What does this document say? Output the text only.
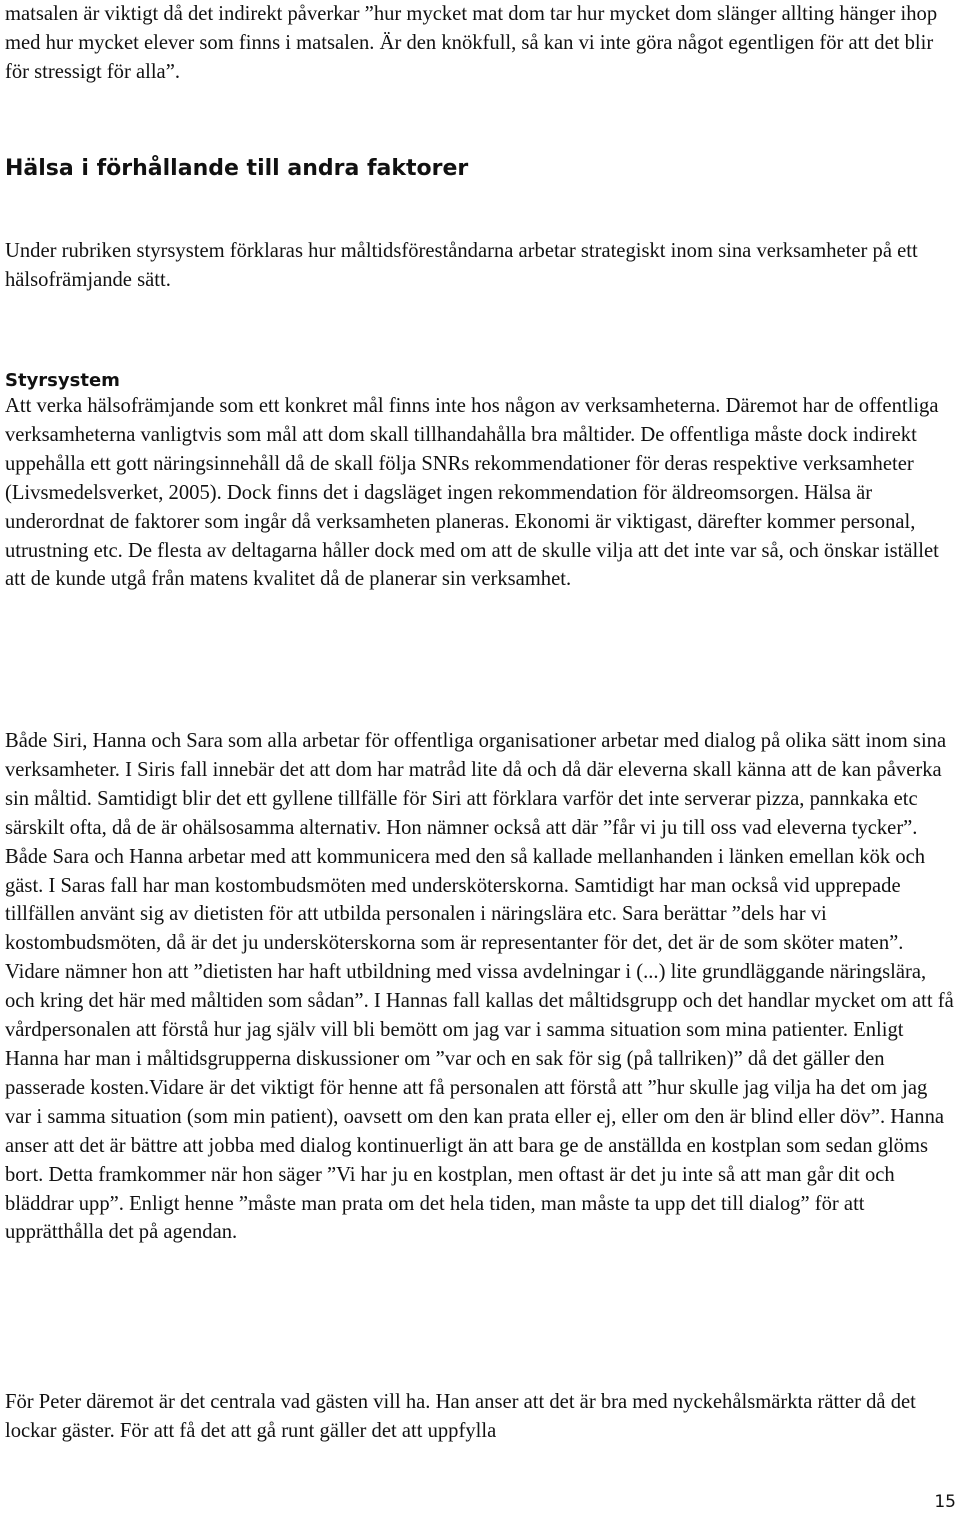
matsalen är viktigt då det indirekt påverkar ”hur mycket mat dom tar hur mycket dom slänger allting hänger ihop med hur mycket elever som finns i matsalen. Är den knökfull, så kan vi inte göra något egentligen för att det blir för stressigt för alla”.

Hälsa i förhållande till andra faktorer

Under rubriken styrsystem förklaras hur måltidsföreståndarna arbetar strategiskt inom sina verksamheter på ett hälsofrämjande sätt.

Styrsystem

Att verka hälsofrämjande som ett konkret mål finns inte hos någon av verksamheterna. Däremot har de offentliga verksamheterna vanligtvis som mål att dom skall tillhandahålla bra måltider. De offentliga måste dock indirekt uppehålla ett gott näringsinnehåll då de skall följa SNRs rekommendationer för deras respektive verksamheter (Livsmedelsverket, 2005). Dock finns det i dagsläget ingen rekommendation för äldreomsorgen. Hälsa är underordnat de faktorer som ingår då verksamheten planeras. Ekonomi är viktigast, därefter kommer personal, utrustning etc. De flesta av deltagarna håller dock med om att de skulle vilja att det inte var så, och önskar istället att de kunde utgå från matens kvalitet då de planerar sin verksamhet.

Både Siri, Hanna och Sara som alla arbetar för offentliga organisationer arbetar med dialog på olika sätt inom sina verksamheter. I Siris fall innebär det att dom har matråd lite då och då där eleverna skall känna att de kan påverka sin måltid. Samtidigt blir det ett gyllene tillfälle för Siri att förklara varför det inte serverar pizza, pannkaka etc särskilt ofta, då de är ohälsosamma alternativ. Hon nämner också att där ”får vi ju till oss vad eleverna tycker”. Både Sara och Hanna arbetar med att kommunicera med den så kallade mellanhanden i länken emellan kök och gäst. I Saras fall har man kostombudsmöten med undersköterskorna. Samtidigt har man också vid upprepade tillfällen använt sig av dietisten för att utbilda personalen i näringslära etc. Sara berättar ”dels har vi kostombudsmöten, då är det ju undersköterskorna som är representanter för det, det är de som sköter maten”. Vidare nämner hon att ”dietisten har haft utbildning med vissa avdelningar i (...) lite grundläggande näringslära, och kring det här med måltiden som sådan”. I Hannas fall kallas det måltidsgrupp och det handlar mycket om att få vårdpersonalen att förstå hur jag själv vill bli bemött om jag var i samma situation som mina patienter. Enligt Hanna har man i måltidsgrupperna diskussioner om ”var och en sak för sig (på tallriken)” då det gäller den passerade kosten.Vidare är det viktigt för henne att få personalen att förstå att ”hur skulle jag vilja ha det om jag var i samma situation (som min patient), oavsett om den kan prata eller ej, eller om den är blind eller döv”. Hanna anser att det är bättre att jobba med dialog kontinuerligt än att bara ge de anställda en kostplan som sedan glöms bort. Detta framkommer när hon säger ”Vi har ju en kostplan, men oftast är det ju inte så att man går dit och bläddrar upp”. Enligt henne ”måste man prata om det hela tiden, man måste ta upp det till dialog” för att upprätthålla det på agendan.

För Peter däremot är det centrala vad gästen vill ha. Han anser att det är bra med nyckehålsmärkta rätter då det lockar gäster. För att få det att gå runt gäller det att uppfylla

15
